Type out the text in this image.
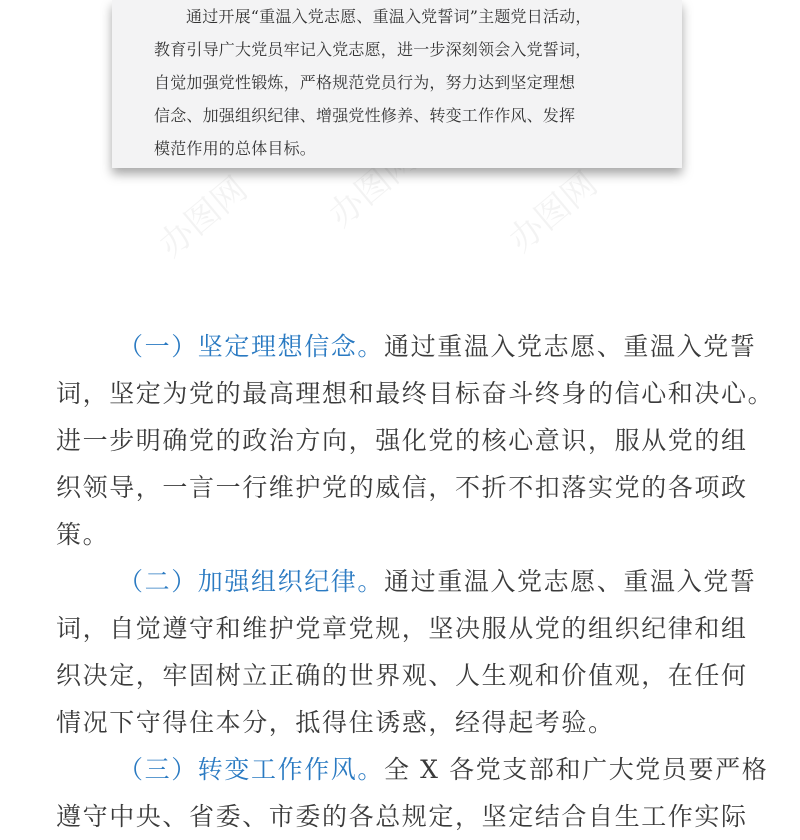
办图网 办图网 办图网

通过开展“重温入党志愿、重温入党誓词”主题党日活动，
教育引导广大党员牢记入党志愿，进一步深刻领会入党誓词，
自觉加强党性锻炼，严格规范党员行为，努力达到坚定理想
信念、加强组织纪律、增强党性修养、转变工作作风、发挥
模范作用的总体目标。

（一）坚定理想信念。通过重温入党志愿、重温入党誓
词，坚定为党的最高理想和最终目标奋斗终身的信心和决心。
进一步明确党的政治方向，强化党的核心意识，服从党的组
织领导，一言一行维护党的威信，不折不扣落实党的各项政
策。
（二）加强组织纪律。通过重温入党志愿、重温入党誓
词，自觉遵守和维护党章党规，坚决服从党的组织纪律和组
织决定，牢固树立正确的世界观、人生观和价值观，在任何
情况下守得住本分，抵得住诱惑，经得起考验。
（三）转变工作作风。全 X 各党支部和广大党员要严格
遵守中央、省委、市委的各总规定，坚定结合自生工作实际
